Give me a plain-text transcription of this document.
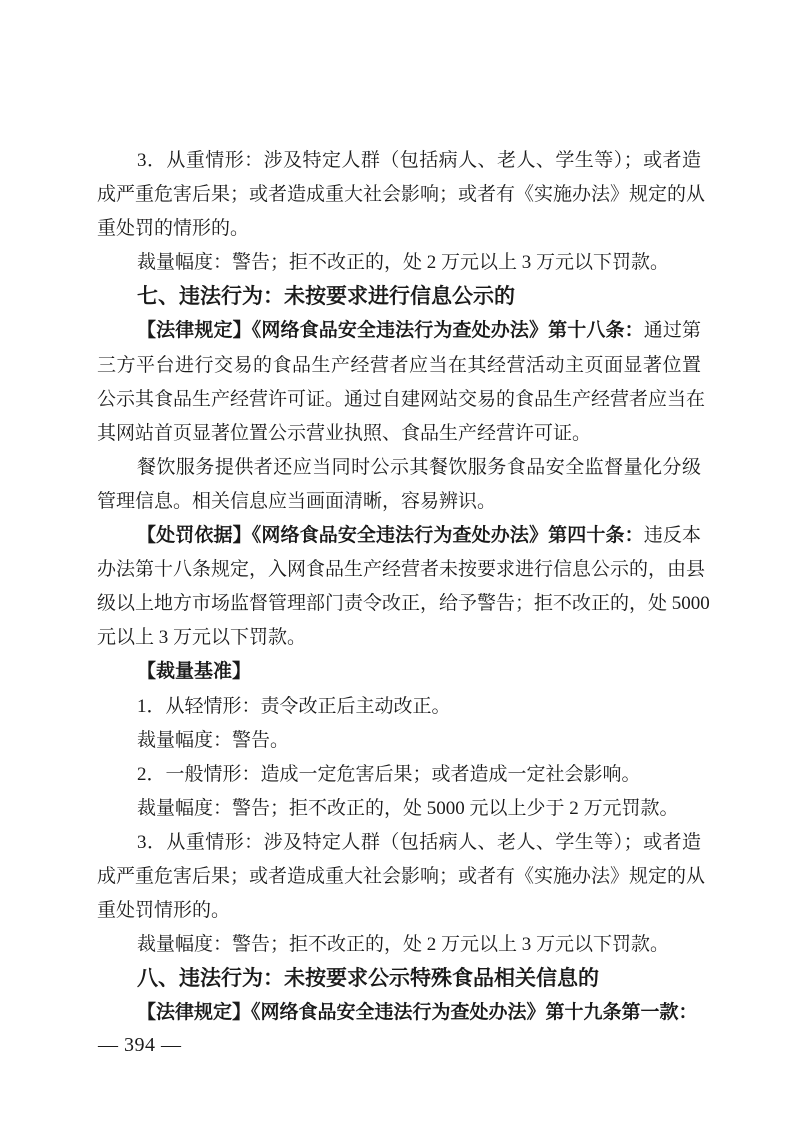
3．从重情形：涉及特定人群（包括病人、老人、学生等）；或者造
成严重危害后果；或者造成重大社会影响；或者有《实施办法》规定的从
重处罚的情形的。
裁量幅度：警告；拒不改正的，处 2 万元以上 3 万元以下罚款。
七、违法行为：未按要求进行信息公示的
【法律规定】《网络食品安全违法行为查处办法》第十八条：通过第
三方平台进行交易的食品生产经营者应当在其经营活动主页面显著位置
公示其食品生产经营许可证。通过自建网站交易的食品生产经营者应当在
其网站首页显著位置公示营业执照、食品生产经营许可证。
餐饮服务提供者还应当同时公示其餐饮服务食品安全监督量化分级
管理信息。相关信息应当画面清晰，容易辨识。
【处罚依据】《网络食品安全违法行为查处办法》第四十条：违反本
办法第十八条规定，入网食品生产经营者未按要求进行信息公示的，由县
级以上地方市场监督管理部门责令改正，给予警告；拒不改正的，处 5000
元以上 3 万元以下罚款。
【裁量基准】
1．从轻情形：责令改正后主动改正。
裁量幅度：警告。
2．一般情形：造成一定危害后果；或者造成一定社会影响。
裁量幅度：警告；拒不改正的，处 5000 元以上少于 2 万元罚款。
3．从重情形：涉及特定人群（包括病人、老人、学生等）；或者造
成严重危害后果；或者造成重大社会影响；或者有《实施办法》规定的从
重处罚情形的。
裁量幅度：警告；拒不改正的，处 2 万元以上 3 万元以下罚款。
八、违法行为：未按要求公示特殊食品相关信息的
【法律规定】《网络食品安全违法行为查处办法》第十九条第一款：
— 394 —
